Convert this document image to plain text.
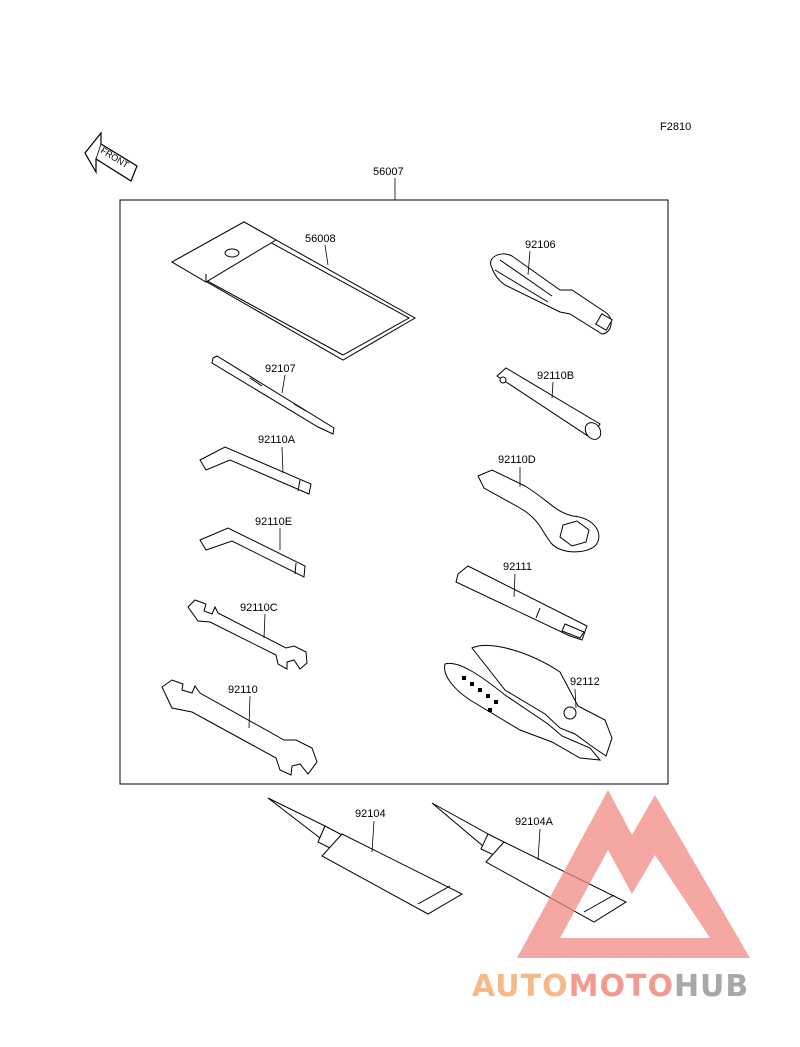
F2810
FRONT
56007
56008	92106
92107
92110B
92110A
92110D
92110E
92111
92110C
92112
92110
92104
92104A
AUTOMOTOHUB
